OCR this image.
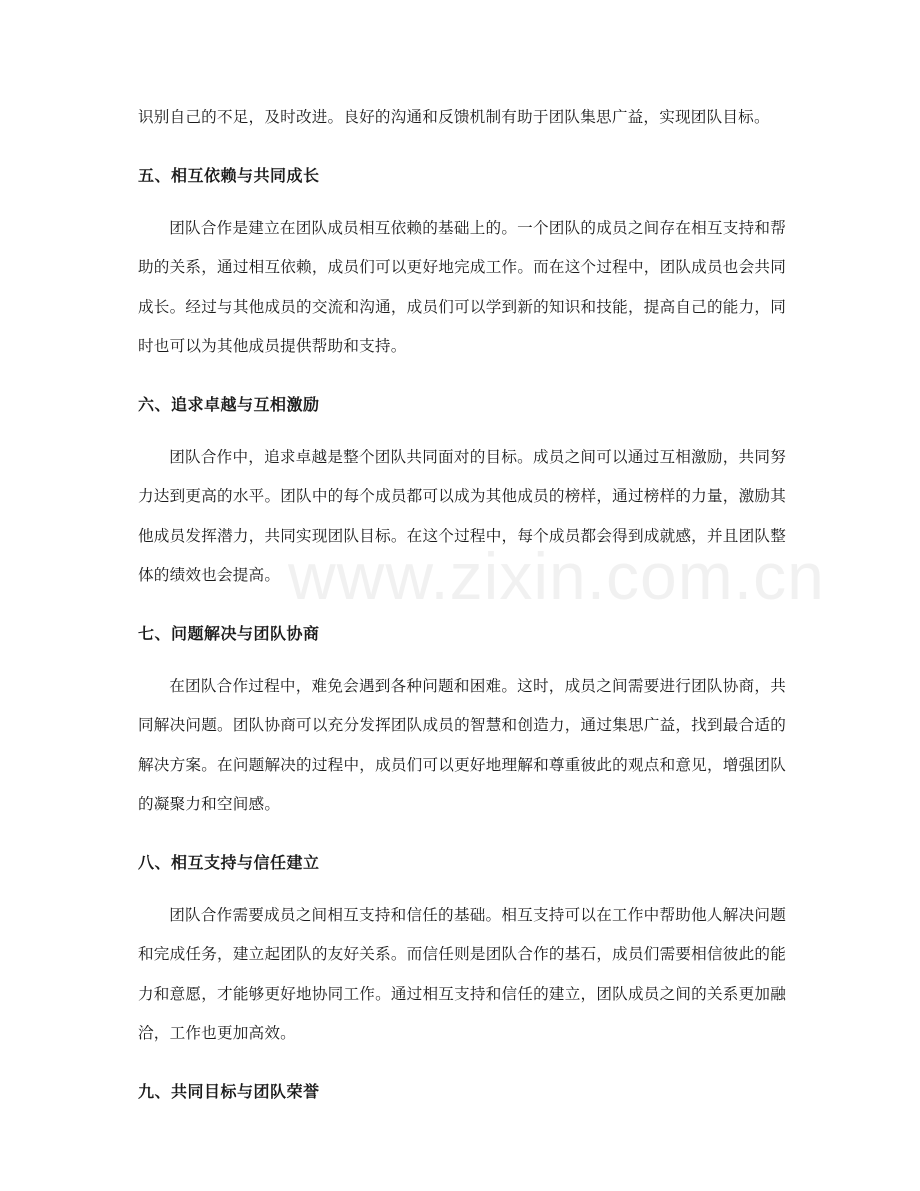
www.zixin.com.cn

识别自己的不足，及时改进。良好的沟通和反馈机制有助于团队集思广益，实现团队目标。

五、相互依赖与共同成长

团队合作是建立在团队成员相互依赖的基础上的。一个团队的成员之间存在相互支持和帮助的关系，通过相互依赖，成员们可以更好地完成工作。而在这个过程中，团队成员也会共同成长。经过与其他成员的交流和沟通，成员们可以学到新的知识和技能，提高自己的能力，同时也可以为其他成员提供帮助和支持。

六、追求卓越与互相激励

团队合作中，追求卓越是整个团队共同面对的目标。成员之间可以通过互相激励，共同努力达到更高的水平。团队中的每个成员都可以成为其他成员的榜样，通过榜样的力量，激励其他成员发挥潜力，共同实现团队目标。在这个过程中，每个成员都会得到成就感，并且团队整体的绩效也会提高。

七、问题解决与团队协商

在团队合作过程中，难免会遇到各种问题和困难。这时，成员之间需要进行团队协商，共同解决问题。团队协商可以充分发挥团队成员的智慧和创造力，通过集思广益，找到最合适的解决方案。在问题解决的过程中，成员们可以更好地理解和尊重彼此的观点和意见，增强团队的凝聚力和空间感。

八、相互支持与信任建立

团队合作需要成员之间相互支持和信任的基础。相互支持可以在工作中帮助他人解决问题和完成任务，建立起团队的友好关系。而信任则是团队合作的基石，成员们需要相信彼此的能力和意愿，才能够更好地协同工作。通过相互支持和信任的建立，团队成员之间的关系更加融洽，工作也更加高效。

九、共同目标与团队荣誉
